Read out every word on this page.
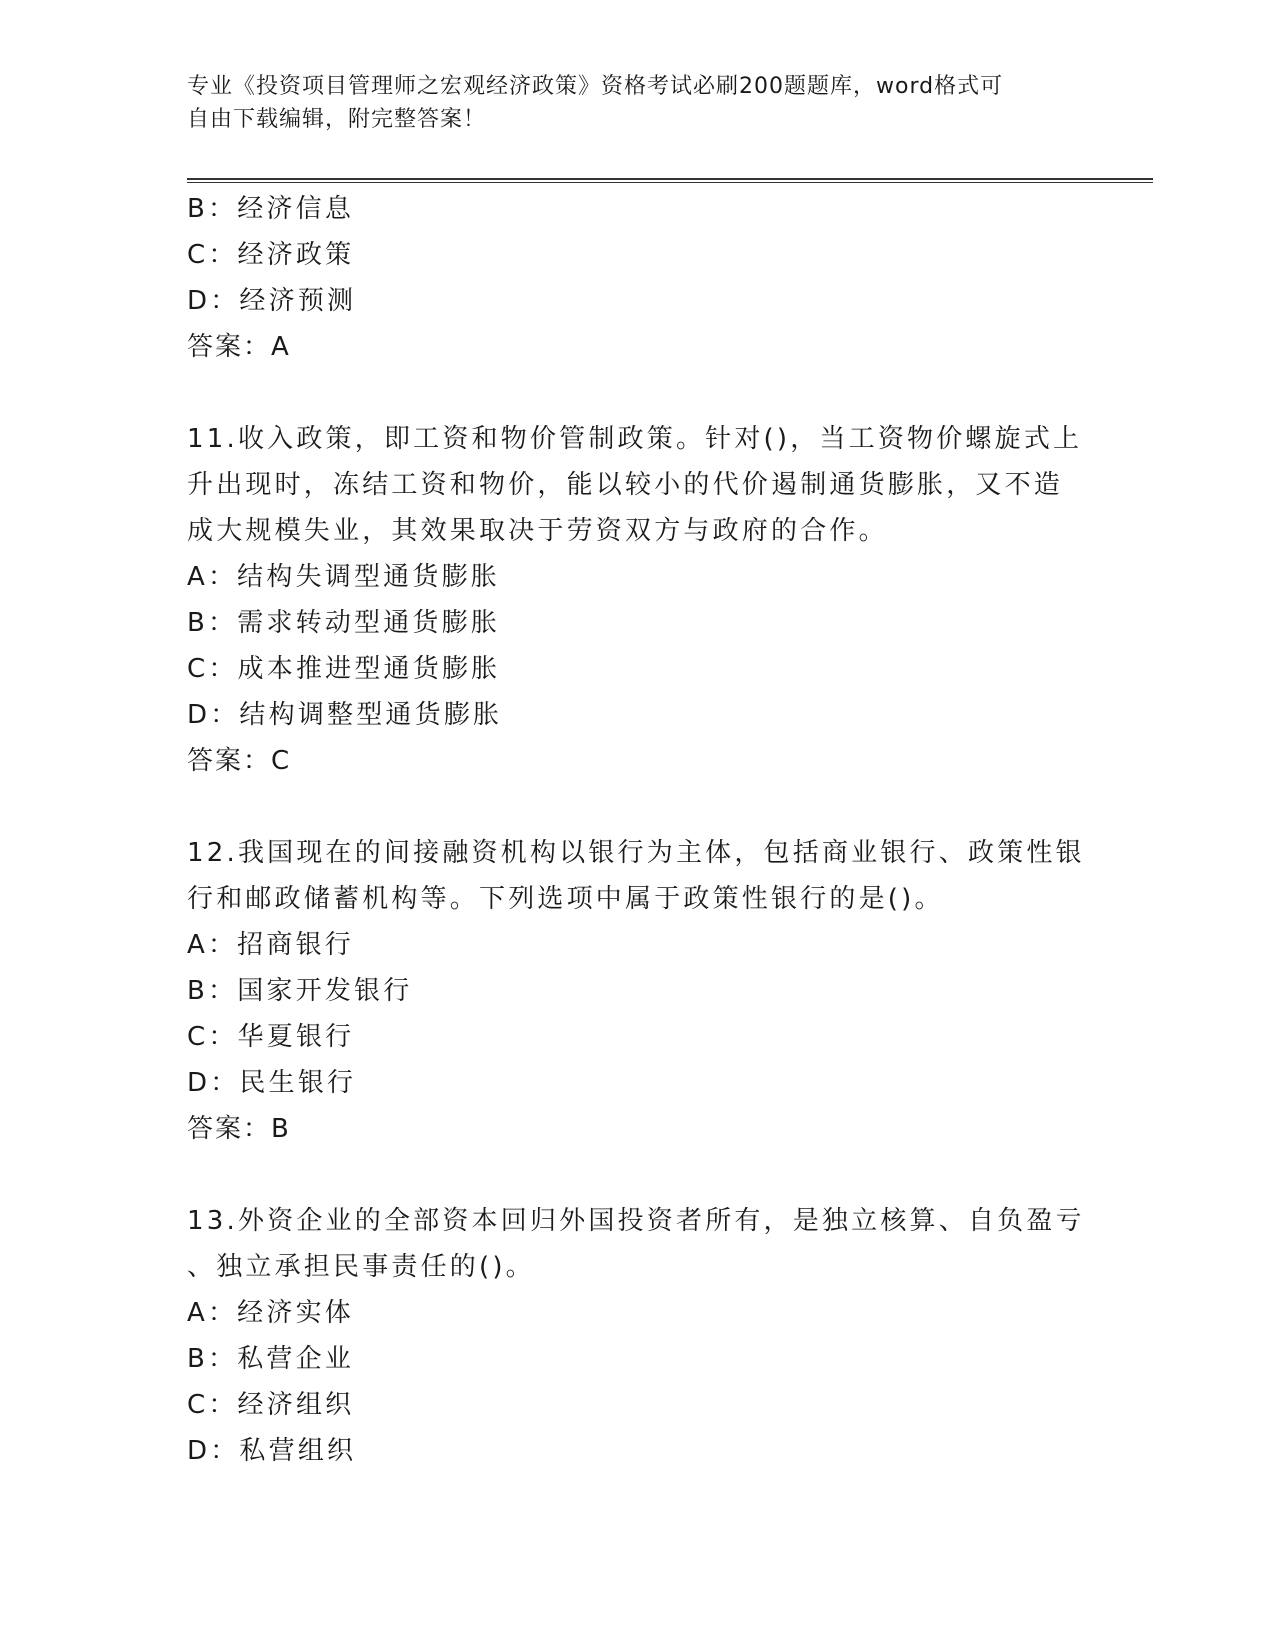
专业《投资项目管理师之宏观经济政策》资格考试必刷200题题库，word格式可
自由下载编辑，附完整答案！
B：经济信息
C：经济政策
D：经济预测
答案：A
11.收入政策，即工资和物价管制政策。针对()，当工资物价螺旋式上
升出现时，冻结工资和物价，能以较小的代价遏制通货膨胀，又不造
成大规模失业，其效果取决于劳资双方与政府的合作。
A：结构失调型通货膨胀
B：需求转动型通货膨胀
C：成本推进型通货膨胀
D：结构调整型通货膨胀
答案：C
12.我国现在的间接融资机构以银行为主体，包括商业银行、政策性银
行和邮政储蓄机构等。下列选项中属于政策性银行的是()。
A：招商银行
B：国家开发银行
C：华夏银行
D：民生银行
答案：B
13.外资企业的全部资本回归外国投资者所有，是独立核算、自负盈亏
、独立承担民事责任的()。
A：经济实体
B：私营企业
C：经济组织
D：私营组织
